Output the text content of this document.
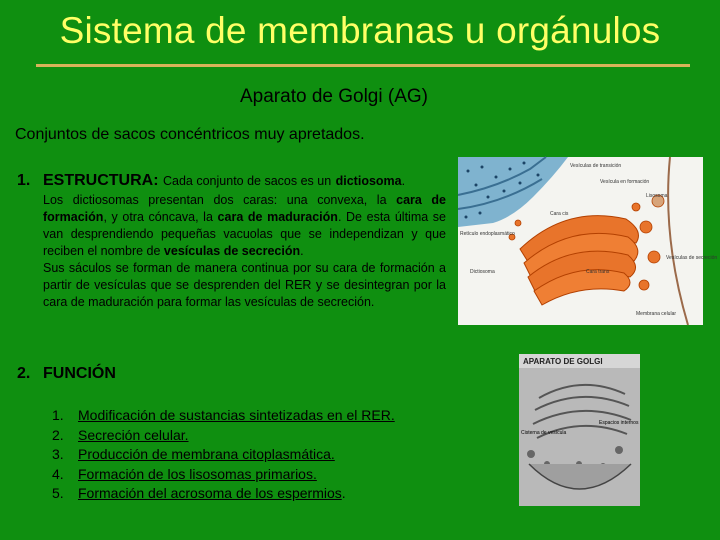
Sistema de membranas u orgánulos
Aparato de Golgi (AG)
Conjuntos de sacos concéntricos muy apretados.
1. ESTRUCTURA: Cada conjunto de sacos es un dictiosoma.

Los dictiosomas presentan dos caras: una convexa, la cara de formación, y otra cóncava, la cara de maduración. De esta última se van desprendiendo pequeñas vacuolas que se independizan y que reciben el nombre de vesículas de secreción.

Sus sáculos se forman de manera continua por su cara de formación a partir de vesículas que se desprenden del RER y se desintegran por la cara de maduración para formar las vesículas de secreción.

2. FUNCIÓN
1. Modificación de sustancias sintetizadas en el RER.
2. Secreción celular.
3. Producción de membrana citoplasmática.
4. Formación de los lisosomas primarios.
5. Formación del acrosoma de los espermios.
Vesículas de transición
Vesícula en formación
Lisosoma
Cara cis
Retículo endoplasmático
Vesículas de secreción
Cara trans
Membrana celular
Dictiosoma
APARATO DE GOLGI
Cisterna de vesícula
Espacios internos
